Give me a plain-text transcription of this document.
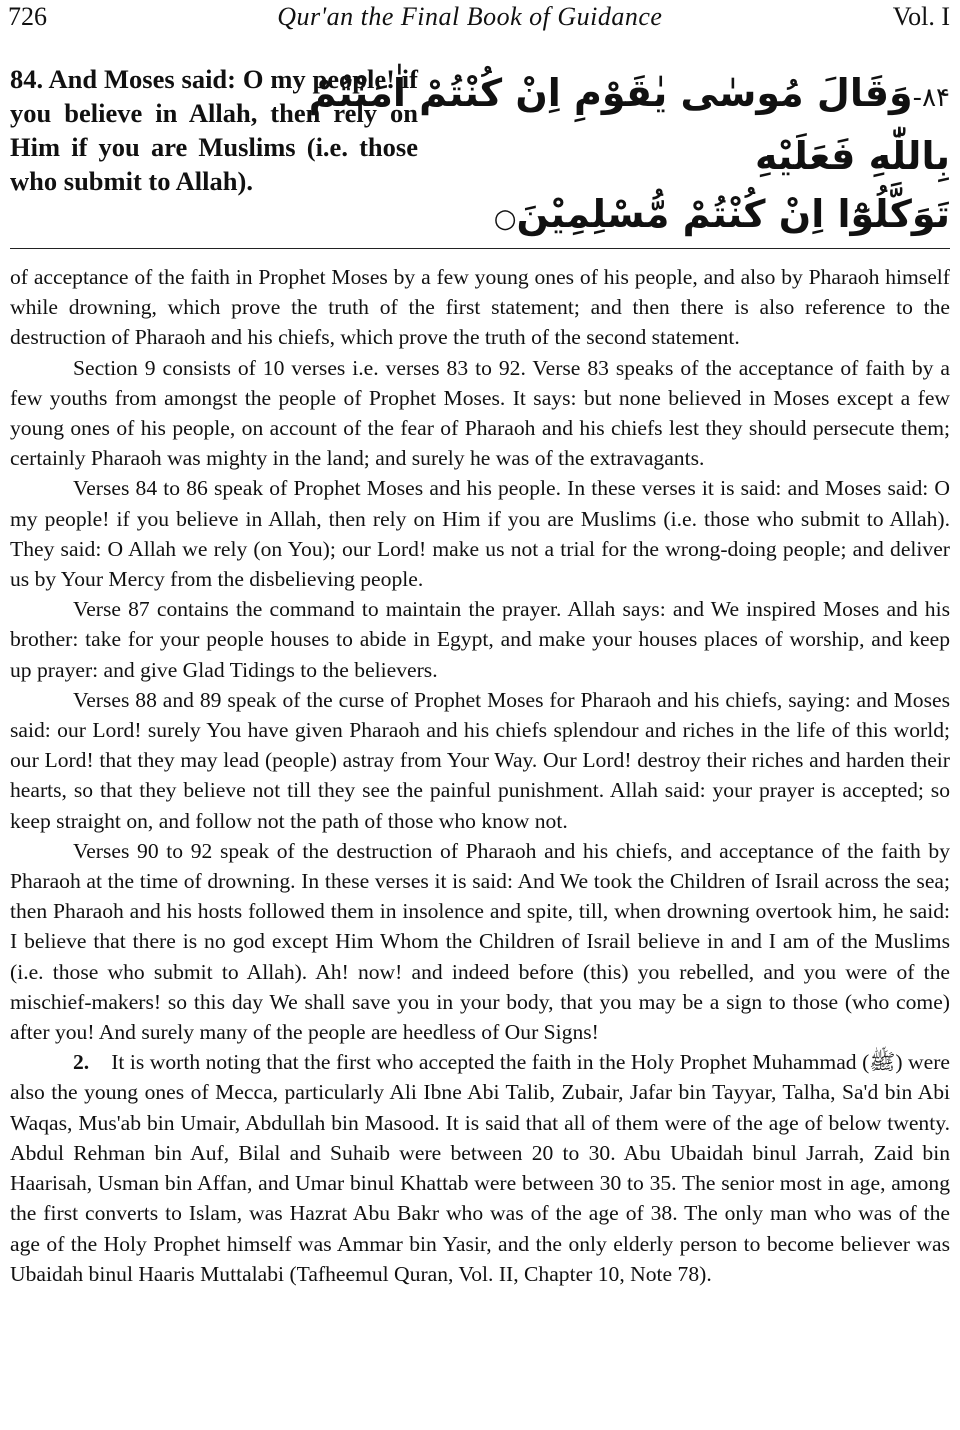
726	Qur'an the Final Book of Guidance	Vol. I
84. And Moses said: O my people! if you believe in Allah, then rely on Him if you are Muslims (i.e. those who submit to Allah).
۸۴-وَقَالَ مُوسٰى يٰقَوْمِ اِنْ كُنْتُمْ اٰمَنْتُمْ
بِاللّٰهِ فَعَلَيْهِ
تَوَكَّلُوْٓا اِنْ كُنْتُمْ مُّسْلِمِيْنَ○

of acceptance of the faith in Prophet Moses by a few young ones of his people, and also by Pharaoh himself while drowning, which prove the truth of the first statement; and then there is also reference to the destruction of Pharaoh and his chiefs, which prove the truth of the second statement.

Section 9 consists of 10 verses i.e. verses 83 to 92. Verse 83 speaks of the acceptance of faith by a few youths from amongst the people of Prophet Moses. It says: but none believed in Moses except a few young ones of his people, on account of the fear of Pharaoh and his chiefs lest they should persecute them; certainly Pharaoh was mighty in the land; and surely he was of the extravagants.

Verses 84 to 86 speak of Prophet Moses and his people. In these verses it is said: and Moses said: O my people! if you believe in Allah, then rely on Him if you are Muslims (i.e. those who submit to Allah). They said: O Allah we rely (on You); our Lord! make us not a trial for the wrong-doing people; and deliver us by Your Mercy from the disbelieving people.

Verse 87 contains the command to maintain the prayer. Allah says: and We inspired Moses and his brother: take for your people houses to abide in Egypt, and make your houses places of worship, and keep up prayer: and give Glad Tidings to the believers.

Verses 88 and 89 speak of the curse of Prophet Moses for Pharaoh and his chiefs, saying: and Moses said: our Lord! surely You have given Pharaoh and his chiefs splendour and riches in the life of this world; our Lord! that they may lead (people) astray from Your Way. Our Lord! destroy their riches and harden their hearts, so that they believe not till they see the painful punishment. Allah said: your prayer is accepted; so keep straight on, and follow not the path of those who know not.

Verses 90 to 92 speak of the destruction of Pharaoh and his chiefs, and acceptance of the faith by Pharaoh at the time of drowning. In these verses it is said: And We took the Children of Israil across the sea; then Pharaoh and his hosts followed them in insolence and spite, till, when drowning overtook him, he said: I believe that there is no god except Him Whom the Children of Israil believe in and I am of the Muslims (i.e. those who submit to Allah). Ah! now! and indeed before (this) you rebelled, and you were of the mischief-makers! so this day We shall save you in your body, that you may be a sign to those (who come) after you! And surely many of the people are heedless of Our Signs!

2. It is worth noting that the first who accepted the faith in the Holy Prophet Muhammad (ﷺ) were also the young ones of Mecca, particularly Ali Ibne Abi Talib, Zubair, Jafar bin Tayyar, Talha, Sa'd bin Abi Waqas, Mus'ab bin Umair, Abdullah bin Masood. It is said that all of them were of the age of below twenty. Abdul Rehman bin Auf, Bilal and Suhaib were between 20 to 30. Abu Ubaidah binul Jarrah, Zaid bin Haarisah, Usman bin Affan, and Umar binul Khattab were between 30 to 35. The senior most in age, among the first converts to Islam, was Hazrat Abu Bakr who was of the age of 38. The only man who was of the age of the Holy Prophet himself was Ammar bin Yasir, and the only elderly person to become believer was Ubaidah binul Haaris Muttalabi (Tafheemul Quran, Vol. II, Chapter 10, Note 78).
